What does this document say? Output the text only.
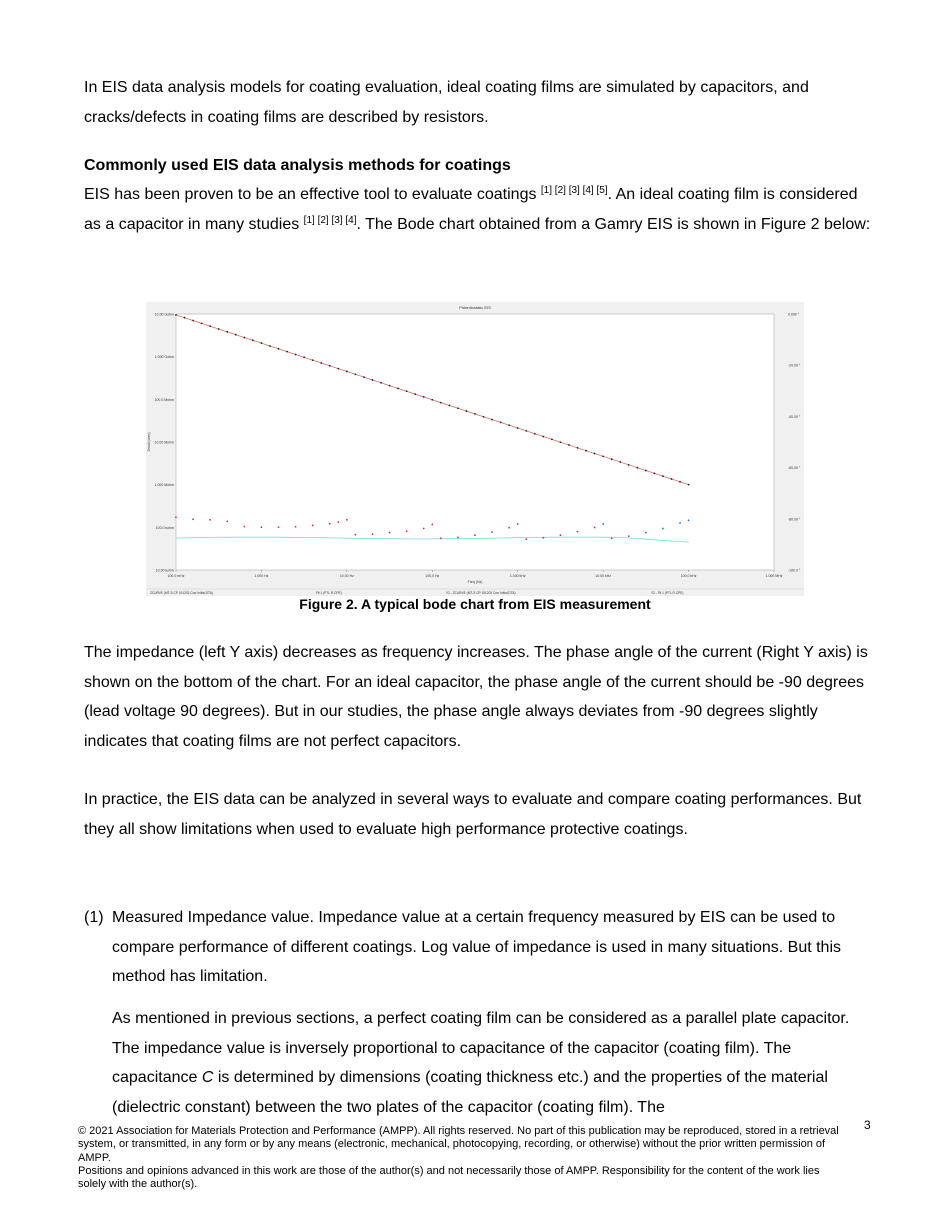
In EIS data analysis models for coating evaluation, ideal coating films are simulated by capacitors, and cracks/defects in coating films are described by resistors.

Commonly used EIS data analysis methods for coatings

EIS has been proven to be an effective tool to evaluate coatings [1] [2] [3] [4] [5]. An ideal coating film is considered as a capacitor in many studies [1] [2] [3] [4]. The Bode chart obtained from a Gamry EIS is shown in Figure 2 below:

Potentiostatic EIS
Freq (Hz)
Zmod (ohm)
100.0 mHz	1.000 Hz	10.00 Hz	100.0 Hz	1.000 kHz	10.00 kHz	100.0 kHz	1.000 MHz
10.00 Gohm
1.000 Gohm
100.0 Mohm
10.00 Mohm
1.000 Mohm
100.0 kohm
10.00 kohm
0.000 °
-20.00 °
-40.00 °
-60.00 °
-80.00 °
-100.0 °
ZCURVE (MT-S CP 191202 Corr Initial.DTA)	Fit 1 (PTL R-CPE)	Y2 - ZCURVE (MT-S CP 191202 Corr Initial.DTA)	Y2 - Fit 1 (PTL R-CPE)
Figure 2. A typical bode chart from EIS measurement

The impedance (left Y axis) decreases as frequency increases. The phase angle of the current (Right Y axis) is shown on the bottom of the chart. For an ideal capacitor, the phase angle of the current should be -90 degrees (lead voltage 90 degrees). But in our studies, the phase angle always deviates from -90 degrees slightly indicates that coating films are not perfect capacitors.

In practice, the EIS data can be analyzed in several ways to evaluate and compare coating performances. But they all show limitations when used to evaluate high performance protective coatings.

(1) Measured Impedance value. Impedance value at a certain frequency measured by EIS can be used to compare performance of different coatings. Log value of impedance is used in many situations. But this method has limitation.

As mentioned in previous sections, a perfect coating film can be considered as a parallel plate capacitor. The impedance value is inversely proportional to capacitance of the capacitor (coating film). The capacitance C is determined by dimensions (coating thickness etc.) and the properties of the material (dielectric constant) between the two plates of the capacitor (coating film). The

3
© 2021 Association for Materials Protection and Performance (AMPP). All rights reserved. No part of this publication may be reproduced, stored in a retrieval system, or transmitted, in any form or by any means (electronic, mechanical, photocopying, recording, or otherwise) without the prior written permission of AMPP.
Positions and opinions advanced in this work are those of the author(s) and not necessarily those of AMPP. Responsibility for the content of the work lies solely with the author(s).
